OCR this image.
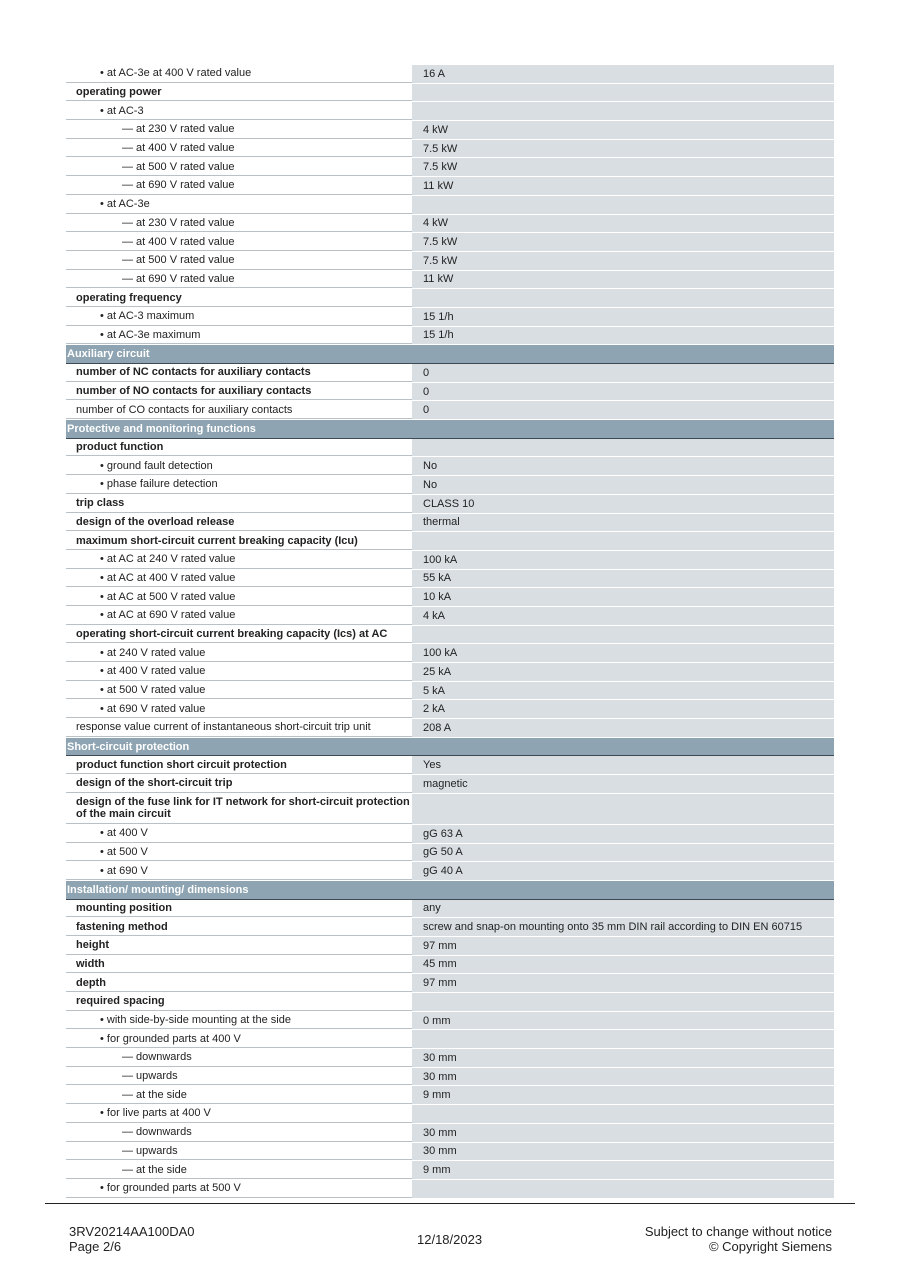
• at AC-3e at 400 V rated value	16 A
operating power
• at AC-3
— at 230 V rated value	4 kW
— at 400 V rated value	7.5 kW
— at 500 V rated value	7.5 kW
— at 690 V rated value	11 kW
• at AC-3e
— at 230 V rated value	4 kW
— at 400 V rated value	7.5 kW
— at 500 V rated value	7.5 kW
— at 690 V rated value	11 kW
operating frequency
• at AC-3 maximum	15 1/h
• at AC-3e maximum	15 1/h
Auxiliary circuit
number of NC contacts for auxiliary contacts	0
number of NO contacts for auxiliary contacts	0
number of CO contacts for auxiliary contacts	0
Protective and monitoring functions
product function
• ground fault detection	No
• phase failure detection	No
trip class	CLASS 10
design of the overload release	thermal
maximum short-circuit current breaking capacity (Icu)
• at AC at 240 V rated value	100 kA
• at AC at 400 V rated value	55 kA
• at AC at 500 V rated value	10 kA
• at AC at 690 V rated value	4 kA
operating short-circuit current breaking capacity (Ics) at AC
• at 240 V rated value	100 kA
• at 400 V rated value	25 kA
• at 500 V rated value	5 kA
• at 690 V rated value	2 kA
response value current of instantaneous short-circuit trip unit	208 A
Short-circuit protection
product function short circuit protection	Yes
design of the short-circuit trip	magnetic
design of the fuse link for IT network for short-circuit protection of the main circuit
• at 400 V	gG 63 A
• at 500 V	gG 50 A
• at 690 V	gG 40 A
Installation/ mounting/ dimensions
mounting position	any
fastening method	screw and snap-on mounting onto 35 mm DIN rail according to DIN EN 60715
height	97 mm
width	45 mm
depth	97 mm
required spacing
• with side-by-side mounting at the side	0 mm
• for grounded parts at 400 V
— downwards	30 mm
— upwards	30 mm
— at the side	9 mm
• for live parts at 400 V
— downwards	30 mm
— upwards	30 mm
— at the side	9 mm
• for grounded parts at 500 V
3RV20214AA100DA0
Page 2/6	12/18/2023
Subject to change without notice
© Copyright Siemens
